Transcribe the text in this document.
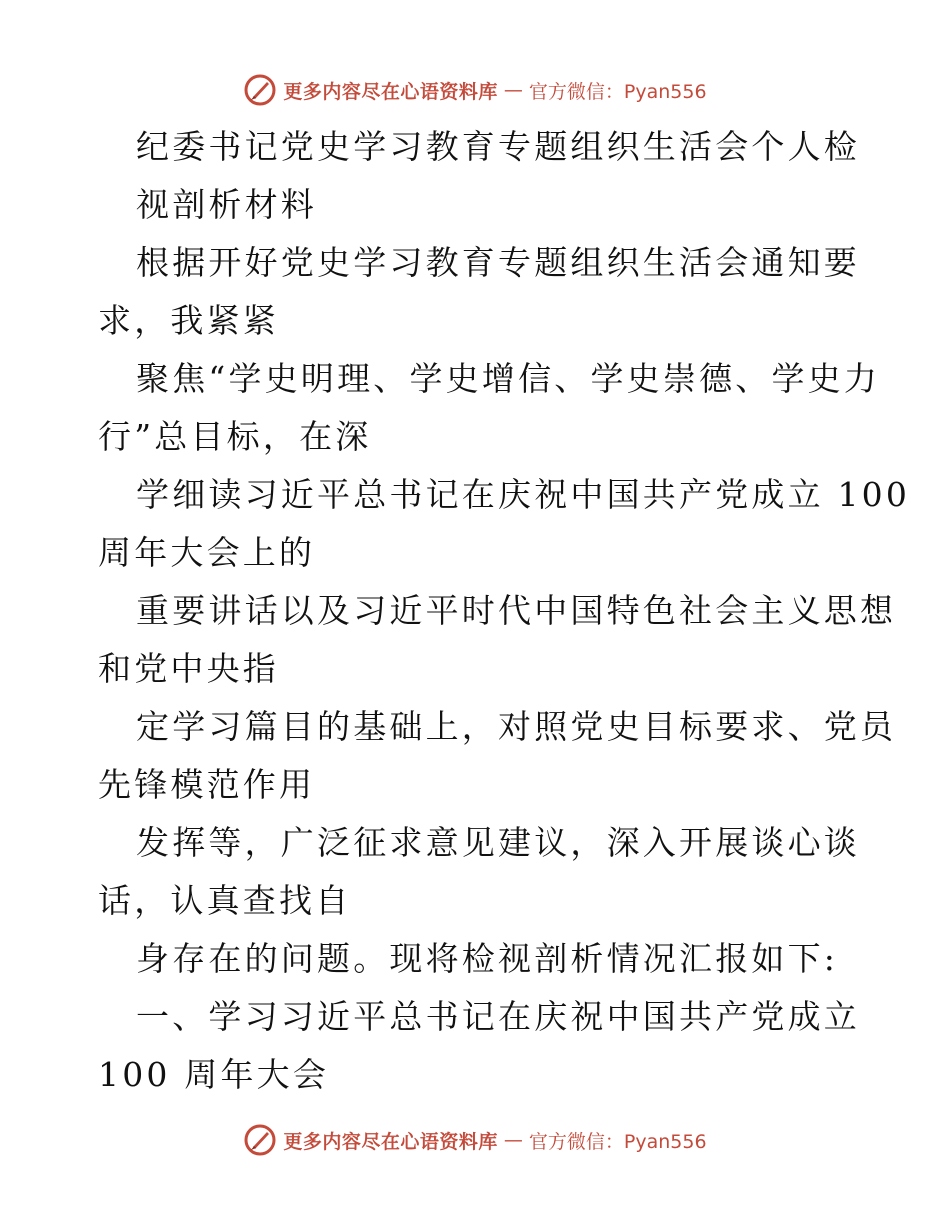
更多内容尽在心语资料库 — 官方微信：Pyan556
纪委书记党史学习教育专题组织生活会个人检
视剖析材料
根据开好党史学习教育专题组织生活会通知要
求，我紧紧
聚焦“学史明理、学史增信、学史崇德、学史力
行”总目标，在深
学细读习近平总书记在庆祝中国共产党成立 100
周年大会上的
重要讲话以及习近平时代中国特色社会主义思想
和党中央指
定学习篇目的基础上，对照党史目标要求、党员
先锋模范作用
发挥等，广泛征求意见建议，深入开展谈心谈
话，认真查找自
身存在的问题。现将检视剖析情况汇报如下:
一、学习习近平总书记在庆祝中国共产党成立
100 周年大会
更多内容尽在心语资料库 — 官方微信：Pyan556
